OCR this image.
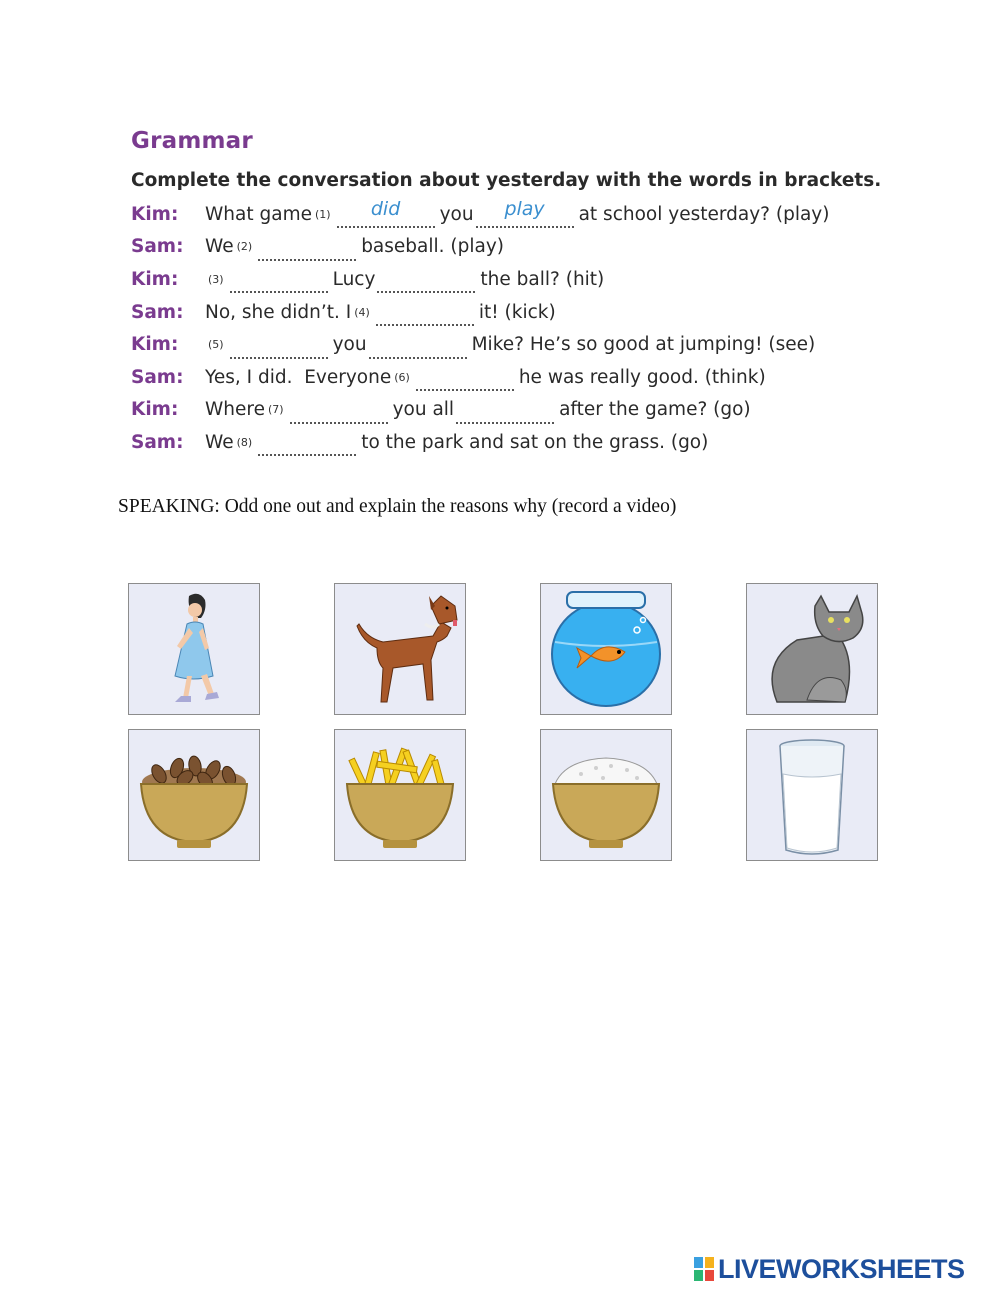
Grammar
Complete the conversation about yesterday with the words in brackets.
Kim:	What game (1)	did	you	play	at school yesterday? (play)
Sam:	We (2)	baseball. (play)
Kim:	(3)	Lucy	the ball? (hit)
Sam:	No, she didn’t. I (4)	it! (kick)
Kim:	(5)	you	Mike? He’s so good at jumping! (see)
Sam:	Yes, I did.  Everyone (6)	he was really good. (think)
Kim:	Where (7)	you all	after the game? (go)
Sam:	We (8)	to the park and sat on the grass. (go)
SPEAKING: Odd one out and explain the reasons why (record a video)
LIVEWORKSHEETS
